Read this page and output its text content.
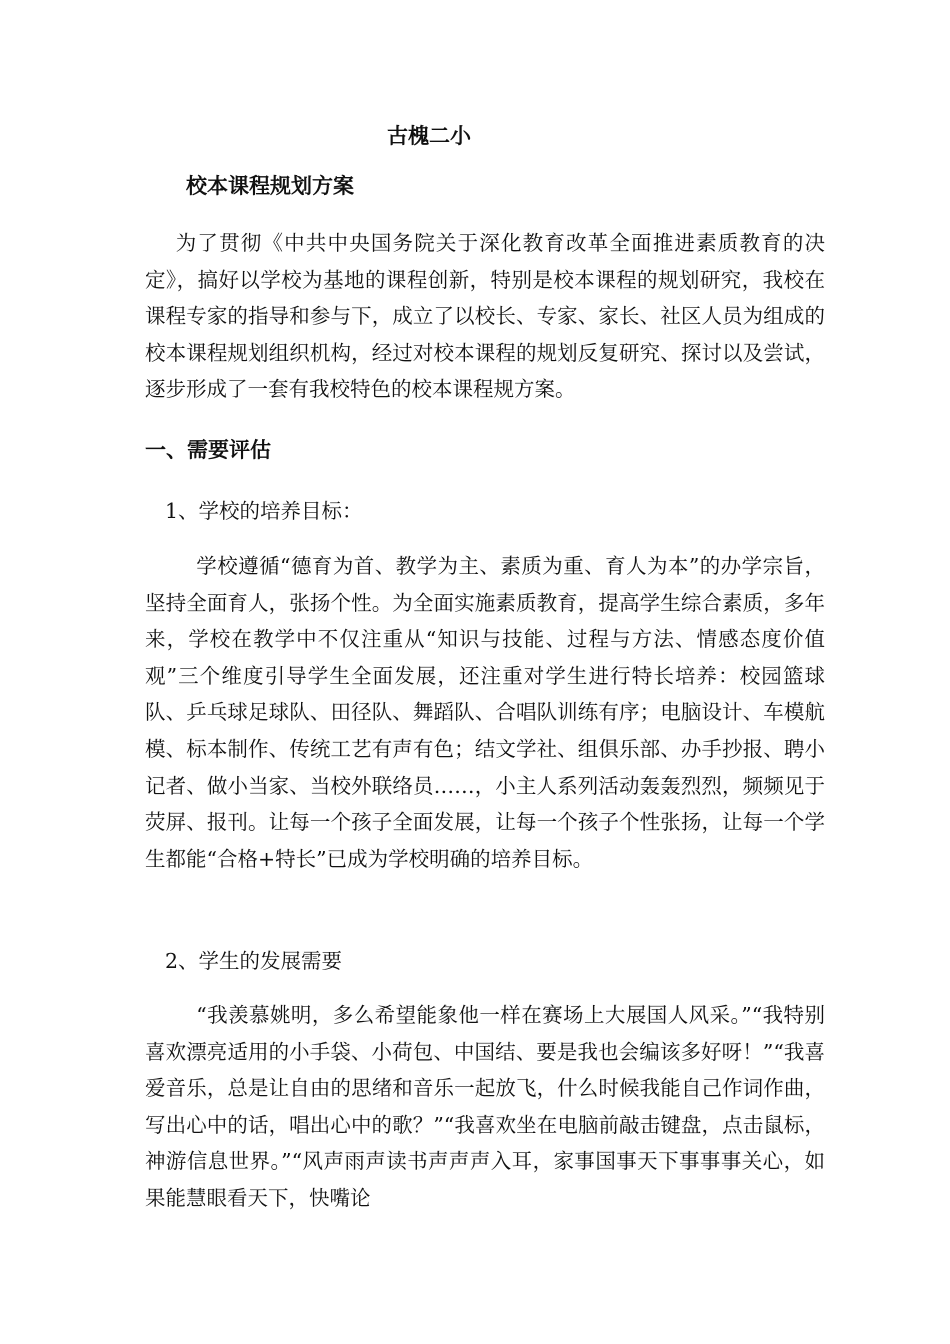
古槐二小
校本课程规划方案

为了贯彻《中共中央国务院关于深化教育改革全面推进素质教育的决定》，搞好以学校为基地的课程创新，特别是校本课程的规划研究，我校在课程专家的指导和参与下，成立了以校长、专家、家长、社区人员为组成的校本课程规划组织机构，经过对校本课程的规划反复研究、探讨以及尝试，逐步形成了一套有我校特色的校本课程规方案。

一、需要评估

1、学校的培养目标：

学校遵循“德育为首、教学为主、素质为重、育人为本”的办学宗旨，坚持全面育人，张扬个性。为全面实施素质教育，提高学生综合素质，多年来，学校在教学中不仅注重从“知识与技能、过程与方法、情感态度价值观”三个维度引导学生全面发展，还注重对学生进行特长培养：校园篮球队、乒乓球足球队、田径队、舞蹈队、合唱队训练有序；电脑设计、车模航模、标本制作、传统工艺有声有色；结文学社、组俱乐部、办手抄报、聘小记者、做小当家、当校外联络员……，小主人系列活动轰轰烈烈，频频见于荧屏、报刊。让每一个孩子全面发展，让每一个孩子个性张扬，让每一个学生都能“合格+特长”已成为学校明确的培养目标。

2、学生的发展需要

“我羡慕姚明，多么希望能象他一样在赛场上大展国人风采。”“我特别喜欢漂亮适用的小手袋、小荷包、中国结、要是我也会编该多好呀！”“我喜爱音乐，总是让自由的思绪和音乐一起放飞，什么时候我能自己作词作曲，写出心中的话，唱出心中的歌？”“我喜欢坐在电脑前敲击键盘，点击鼠标，神游信息世界。”“风声雨声读书声声声入耳，家事国事天下事事事关心，如果能慧眼看天下，快嘴论
